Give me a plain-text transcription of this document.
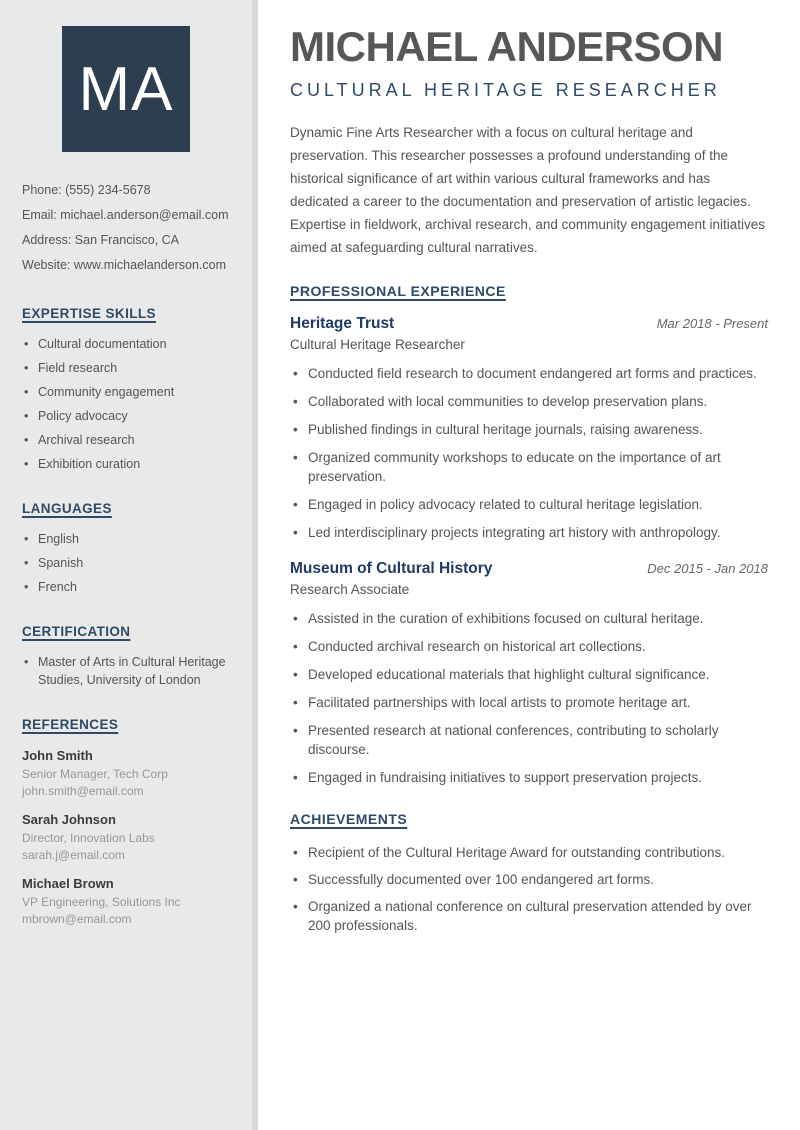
MA
Phone: (555) 234-5678
Email: michael.anderson@email.com
Address: San Francisco, CA
Website: www.michaelanderson.com
EXPERTISE SKILLS
• Cultural documentation
• Field research
• Community engagement
• Policy advocacy
• Archival research
• Exhibition curation
LANGUAGES
• English
• Spanish
• French
CERTIFICATION
• Master of Arts in Cultural Heritage Studies, University of London
REFERENCES
John Smith
Senior Manager, Tech Corp
john.smith@email.com
Sarah Johnson
Director, Innovation Labs
sarah.j@email.com
Michael Brown
VP Engineering, Solutions Inc
mbrown@email.com
MICHAEL ANDERSON
CULTURAL HERITAGE RESEARCHER

Dynamic Fine Arts Researcher with a focus on cultural heritage and preservation. This researcher possesses a profound understanding of the historical significance of art within various cultural frameworks and has dedicated a career to the documentation and preservation of artistic legacies. Expertise in fieldwork, archival research, and community engagement initiatives aimed at safeguarding cultural narratives.

PROFESSIONAL EXPERIENCE
Heritage Trust	Mar 2018 - Present
Cultural Heritage Researcher
• Conducted field research to document endangered art forms and practices.
• Collaborated with local communities to develop preservation plans.
• Published findings in cultural heritage journals, raising awareness.
• Organized community workshops to educate on the importance of art preservation.
• Engaged in policy advocacy related to cultural heritage legislation.
• Led interdisciplinary projects integrating art history with anthropology.
Museum of Cultural History	Dec 2015 - Jan 2018
Research Associate
• Assisted in the curation of exhibitions focused on cultural heritage.
• Conducted archival research on historical art collections.
• Developed educational materials that highlight cultural significance.
• Facilitated partnerships with local artists to promote heritage art.
• Presented research at national conferences, contributing to scholarly discourse.
• Engaged in fundraising initiatives to support preservation projects.
ACHIEVEMENTS
• Recipient of the Cultural Heritage Award for outstanding contributions.
• Successfully documented over 100 endangered art forms.
• Organized a national conference on cultural preservation attended by over 200 professionals.
